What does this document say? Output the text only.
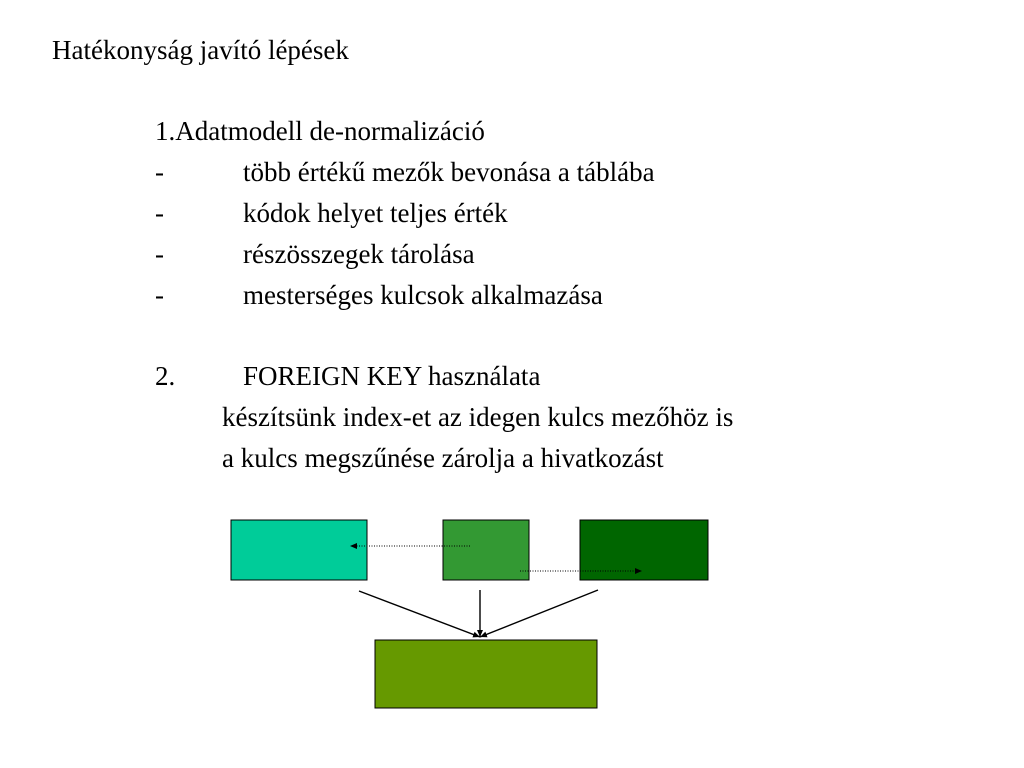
Hatékonyság javító lépések
1.Adatmodell de-normalizáció
-	több értékű mezők bevonása a táblába
-	kódok helyet teljes érték
-	részösszegek tárolása
-	mesterséges kulcsok alkalmazása
2.	FOREIGN KEY használata
készítsünk index-et az idegen kulcs mezőhöz is
a kulcs megszűnése zárolja a hivatkozást
